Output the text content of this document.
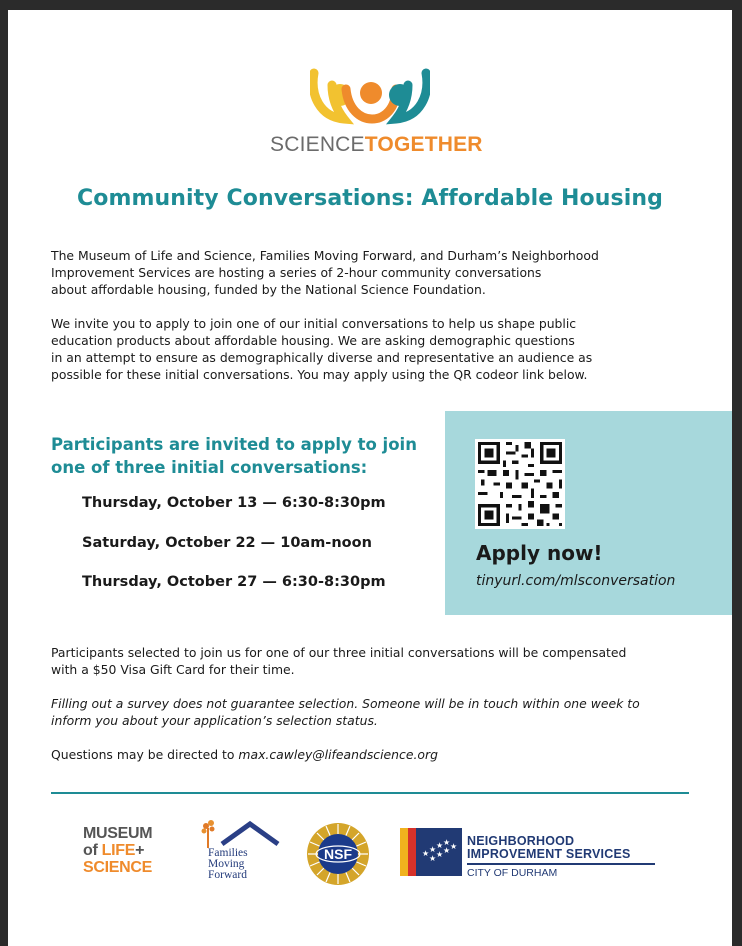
SCIENCETOGETHER
Community Conversations: Affordable Housing
The Museum of Life and Science, Families Moving Forward, and Durham’s Neighborhood
Improvement Services are hosting a series of 2-hour community conversations
about affordable housing, funded by the National Science Foundation.
We invite you to apply to join one of our initial conversations to help us shape public
education products about affordable housing. We are asking demographic questions
in an attempt to ensure as demographically diverse and representative an audience as
possible for these initial conversations. You may apply using the QR codeor link below.
Participants are invited to apply to join
one of three initial conversations:
Thursday, October 13 — 6:30-8:30pm
Saturday, October 22 — 10am-noon
Thursday, October 27 — 6:30-8:30pm
Apply now!
tinyurl.com/mlsconversation
Participants selected to join us for one of our three initial conversations will be compensated
with a $50 Visa Gift Card for their time.
Filling out a survey does not guarantee selection. Someone will be in touch within one week to
inform you about your application’s selection status.
Questions may be directed to max.cawley@lifeandscience.org
MUSEUM
of LIFE+
SCIENCE
Families
Moving
Forward
NSF	★ ★ ★ ★
★ ★ ★ ★ NEIGHBORHOOD
IMPROVEMENT SERVICES
CITY OF DURHAM
